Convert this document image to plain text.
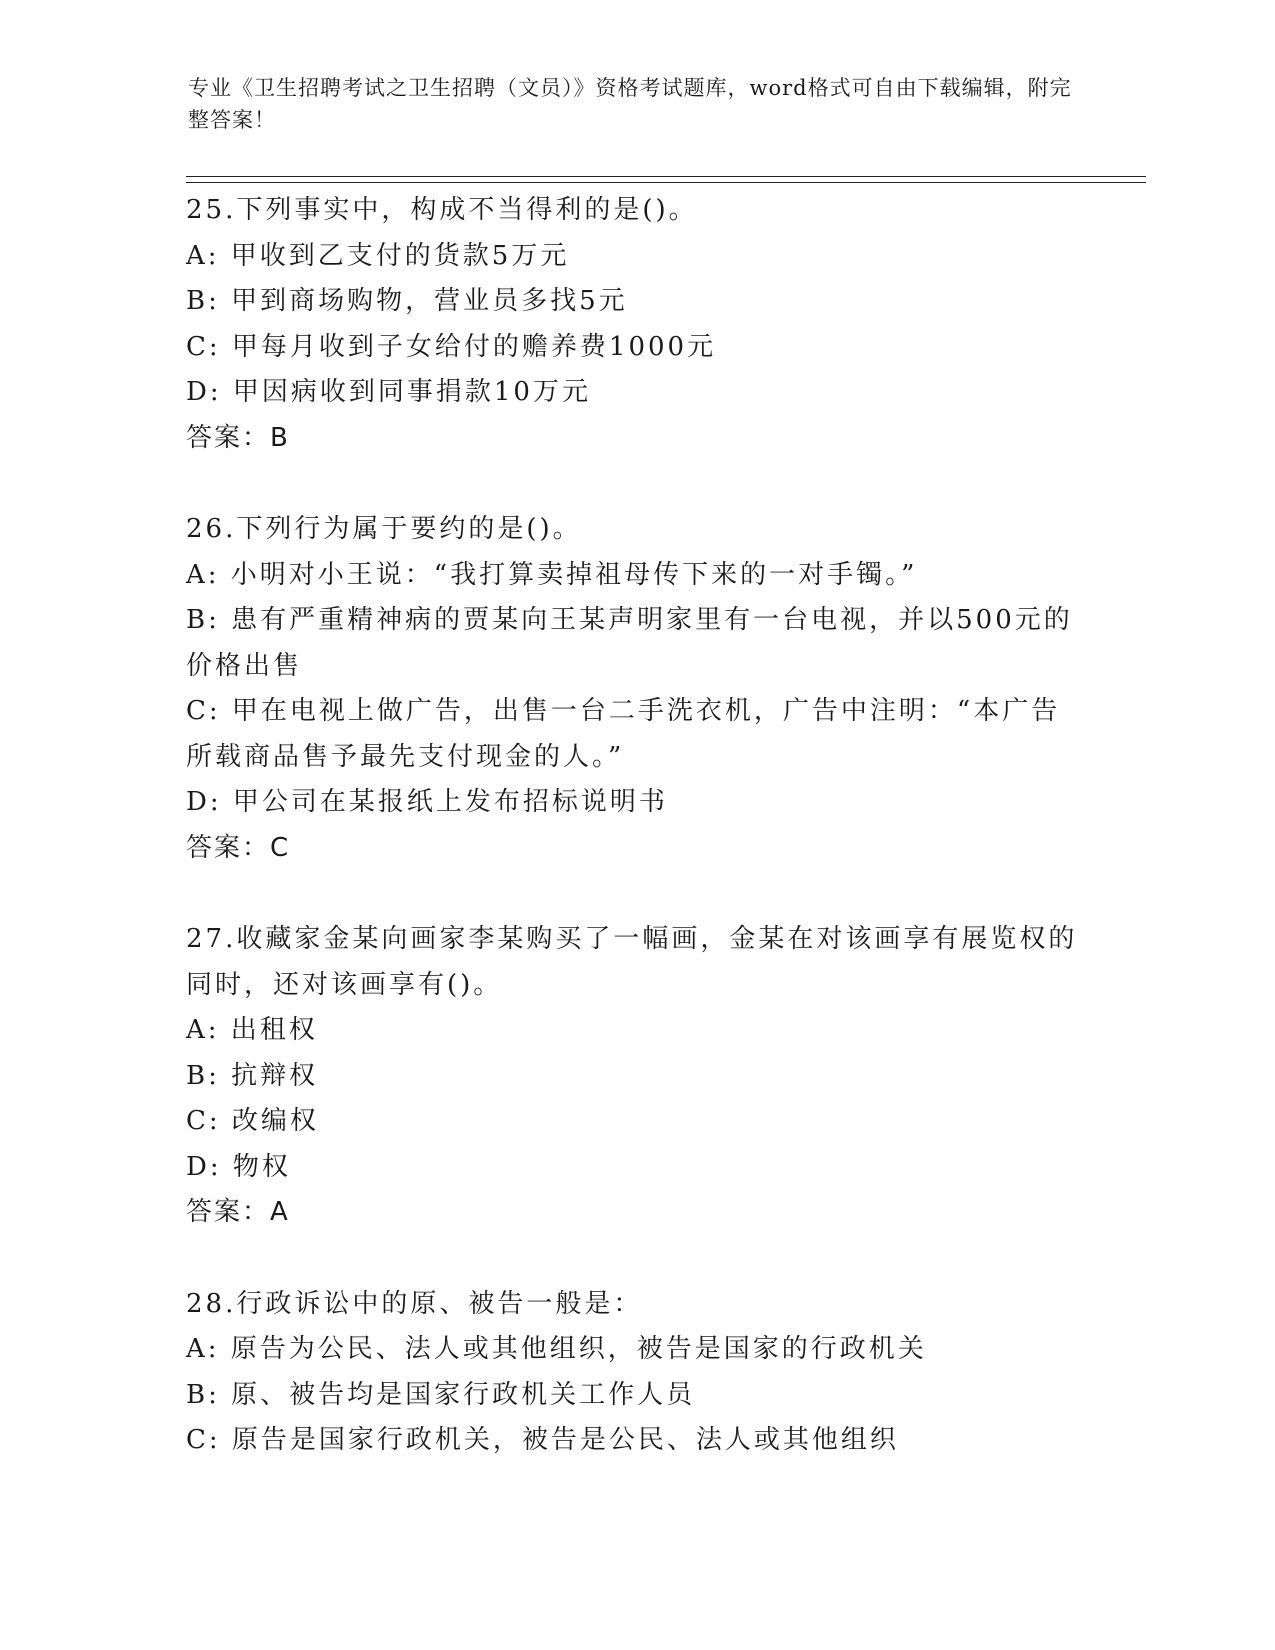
专业《卫生招聘考试之卫生招聘（文员）》资格考试题库，word格式可自由下载编辑，附完整答案！
25.下列事实中，构成不当得利的是()。
A: 甲收到乙支付的货款5万元
B: 甲到商场购物，营业员多找5元
C: 甲每月收到子女给付的赡养费1000元
D: 甲因病收到同事捐款10万元
答案：B
26.下列行为属于要约的是()。
A: 小明对小王说：“我打算卖掉祖母传下来的一对手镯。”
B: 患有严重精神病的贾某向王某声明家里有一台电视，并以500元的价格出售
C: 甲在电视上做广告，出售一台二手洗衣机，广告中注明：“本广告所载商品售予最先支付现金的人。”
D: 甲公司在某报纸上发布招标说明书
答案：C
27.收藏家金某向画家李某购买了一幅画，金某在对该画享有展览权的同时，还对该画享有()。
A: 出租权
B: 抗辩权
C: 改编权
D: 物权
答案：A
28.行政诉讼中的原、被告一般是：
A: 原告为公民、法人或其他组织，被告是国家的行政机关
B: 原、被告均是国家行政机关工作人员
C: 原告是国家行政机关，被告是公民、法人或其他组织
